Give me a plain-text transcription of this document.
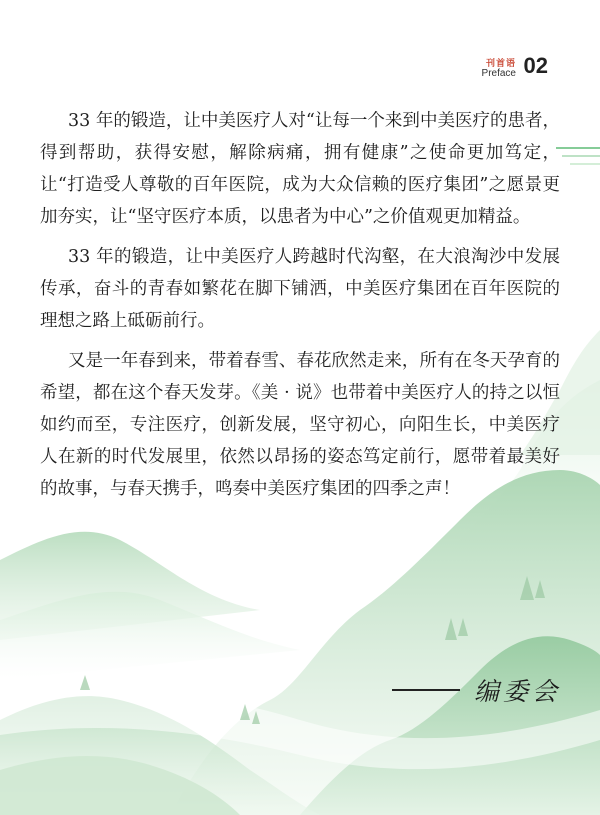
刊首语
Preface 02

33 年的锻造，让中美医疗人对“让每一个来到中美医疗的患者，得到帮助，获得安慰，解除病痛，拥有健康”之使命更加笃定，让“打造受人尊敬的百年医院，成为大众信赖的医疗集团”之愿景更加夯实，让“坚守医疗本质，以患者为中心”之价值观更加精益。

33 年的锻造，让中美医疗人跨越时代沟壑，在大浪淘沙中发展传承，奋斗的青春如繁花在脚下铺洒，中美医疗集团在百年医院的理想之路上砥砺前行。

又是一年春到来，带着春雪、春花欣然走来，所有在冬天孕育的希望，都在这个春天发芽。《美 · 说》也带着中美医疗人的持之以恒如约而至，专注医疗，创新发展，坚守初心，向阳生长，中美医疗人在新的时代发展里，依然以昂扬的姿态笃定前行，愿带着最美好的故事，与春天携手，鸣奏中美医疗集团的四季之声！

编委会
